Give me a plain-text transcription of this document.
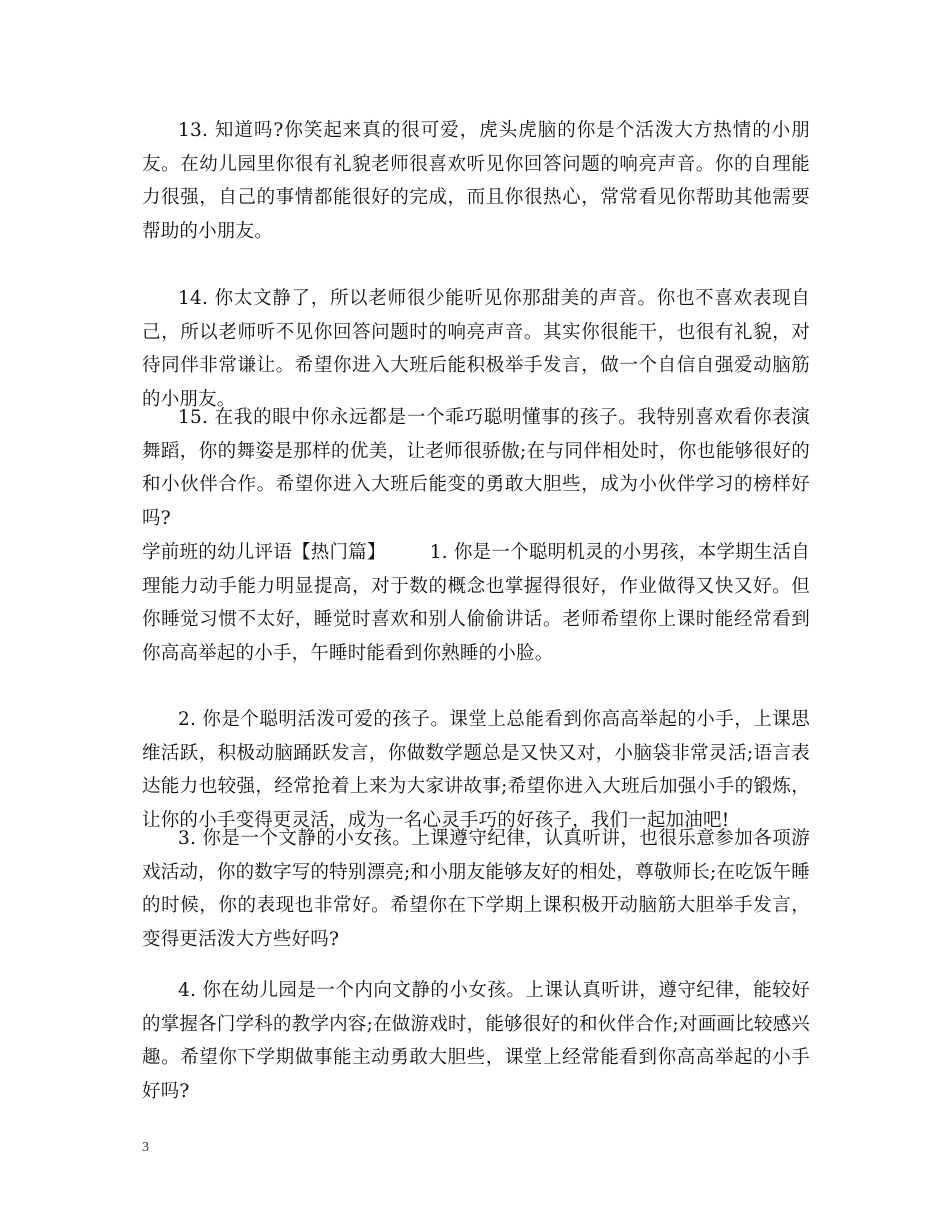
13. 知道吗?你笑起来真的很可爱，虎头虎脑的你是个活泼大方热情的小朋友。在幼儿园里你很有礼貌老师很喜欢听见你回答问题的响亮声音。你的自理能力很强，自己的事情都能很好的完成，而且你很热心，常常看见你帮助其他需要帮助的小朋友。

14. 你太文静了，所以老师很少能听见你那甜美的声音。你也不喜欢表现自己，所以老师听不见你回答问题时的响亮声音。其实你很能干，也很有礼貌，对待同伴非常谦让。希望你进入大班后能积极举手发言，做一个自信自强爱动脑筋的小朋友。

15. 在我的眼中你永远都是一个乖巧聪明懂事的孩子。我特别喜欢看你表演舞蹈，你的舞姿是那样的优美，让老师很骄傲;在与同伴相处时，你也能够很好的和小伙伴合作。希望你进入大班后能变的勇敢大胆些，成为小伙伴学习的榜样好吗?

学前班的幼儿评语【热门篇】 1. 你是一个聪明机灵的小男孩，本学期生活自理能力动手能力明显提高，对于数的概念也掌握得很好，作业做得又快又好。但你睡觉习惯不太好，睡觉时喜欢和别人偷偷讲话。老师希望你上课时能经常看到你高高举起的小手，午睡时能看到你熟睡的小脸。

2. 你是个聪明活泼可爱的孩子。课堂上总能看到你高高举起的小手，上课思维活跃，积极动脑踊跃发言，你做数学题总是又快又对，小脑袋非常灵活;语言表达能力也较强，经常抢着上来为大家讲故事;希望你进入大班后加强小手的锻炼，让你的小手变得更灵活，成为一名心灵手巧的好孩子，我们一起加油吧!

3. 你是一个文静的小女孩。上课遵守纪律，认真听讲，也很乐意参加各项游戏活动，你的数字写的特别漂亮;和小朋友能够友好的相处，尊敬师长;在吃饭午睡的时候，你的表现也非常好。希望你在下学期上课积极开动脑筋大胆举手发言，变得更活泼大方些好吗?

4. 你在幼儿园是一个内向文静的小女孩。上课认真听讲，遵守纪律，能较好的掌握各门学科的教学内容;在做游戏时，能够很好的和伙伴合作;对画画比较感兴趣。希望你下学期做事能主动勇敢大胆些，课堂上经常能看到你高高举起的小手好吗?

3
